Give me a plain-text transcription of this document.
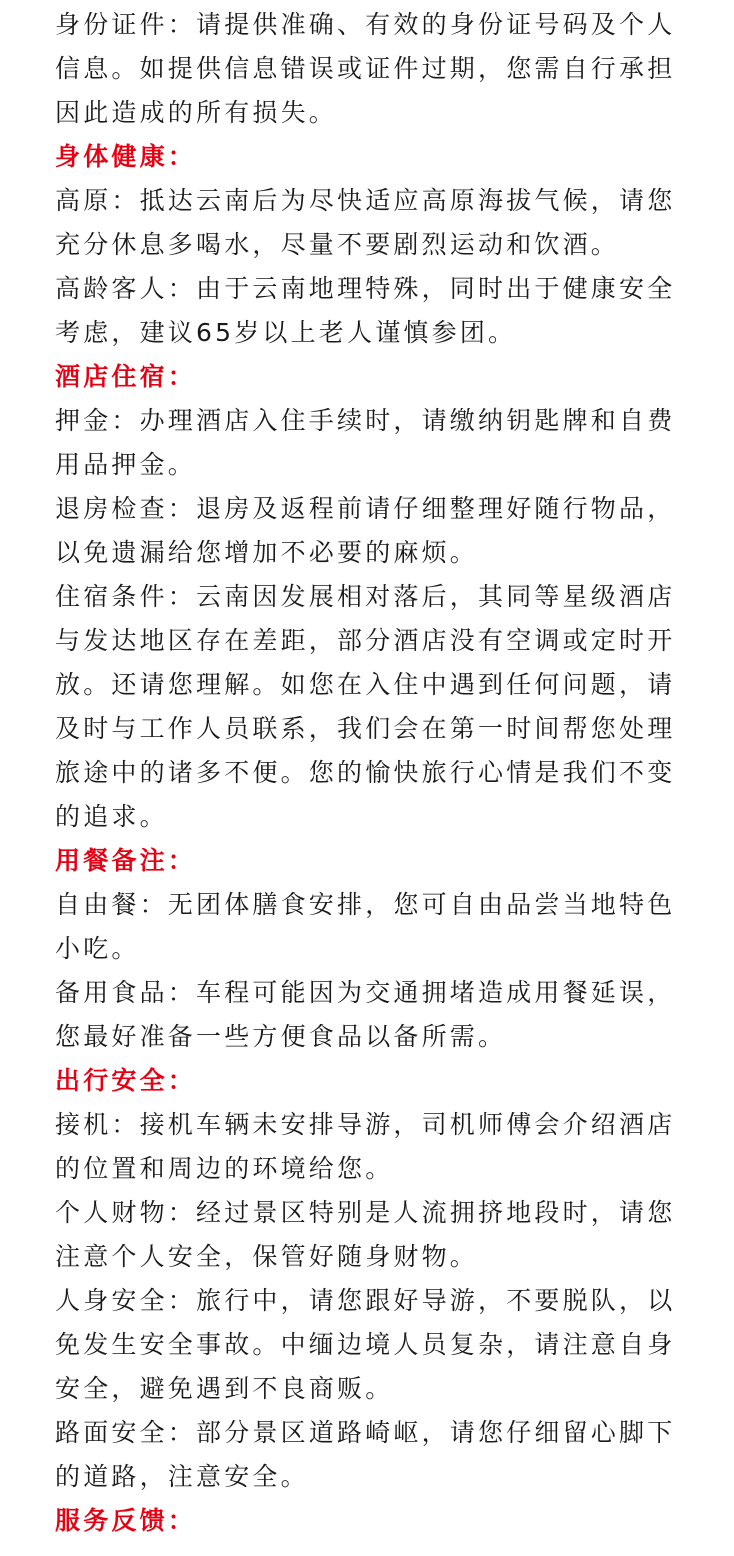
身份证件：请提供准确、有效的身份证号码及个人信息。如提供信息错误或证件过期，您需自行承担因此造成的所有损失。

身体健康：

高原：抵达云南后为尽快适应高原海拔气候，请您充分休息多喝水，尽量不要剧烈运动和饮酒。

高龄客人：由于云南地理特殊，同时出于健康安全考虑，建议65岁以上老人谨慎参团。

酒店住宿：

押金：办理酒店入住手续时，请缴纳钥匙牌和自费用品押金。

退房检查：退房及返程前请仔细整理好随行物品，以免遗漏给您增加不必要的麻烦。

住宿条件：云南因发展相对落后，其同等星级酒店与发达地区存在差距，部分酒店没有空调或定时开放。还请您理解。如您在入住中遇到任何问题，请及时与工作人员联系，我们会在第一时间帮您处理旅途中的诸多不便。您的愉快旅行心情是我们不变的追求。

用餐备注：

自由餐：无团体膳食安排，您可自由品尝当地特色小吃。

备用食品：车程可能因为交通拥堵造成用餐延误，您最好准备一些方便食品以备所需。

出行安全：

接机：接机车辆未安排导游，司机师傅会介绍酒店的位置和周边的环境给您。

个人财物：经过景区特别是人流拥挤地段时，请您注意个人安全，保管好随身财物。

人身安全：旅行中，请您跟好导游，不要脱队，以免发生安全事故。中缅边境人员复杂，请注意自身安全，避免遇到不良商贩。

路面安全：部分景区道路崎岖，请您仔细留心脚下的道路，注意安全。

服务反馈：
